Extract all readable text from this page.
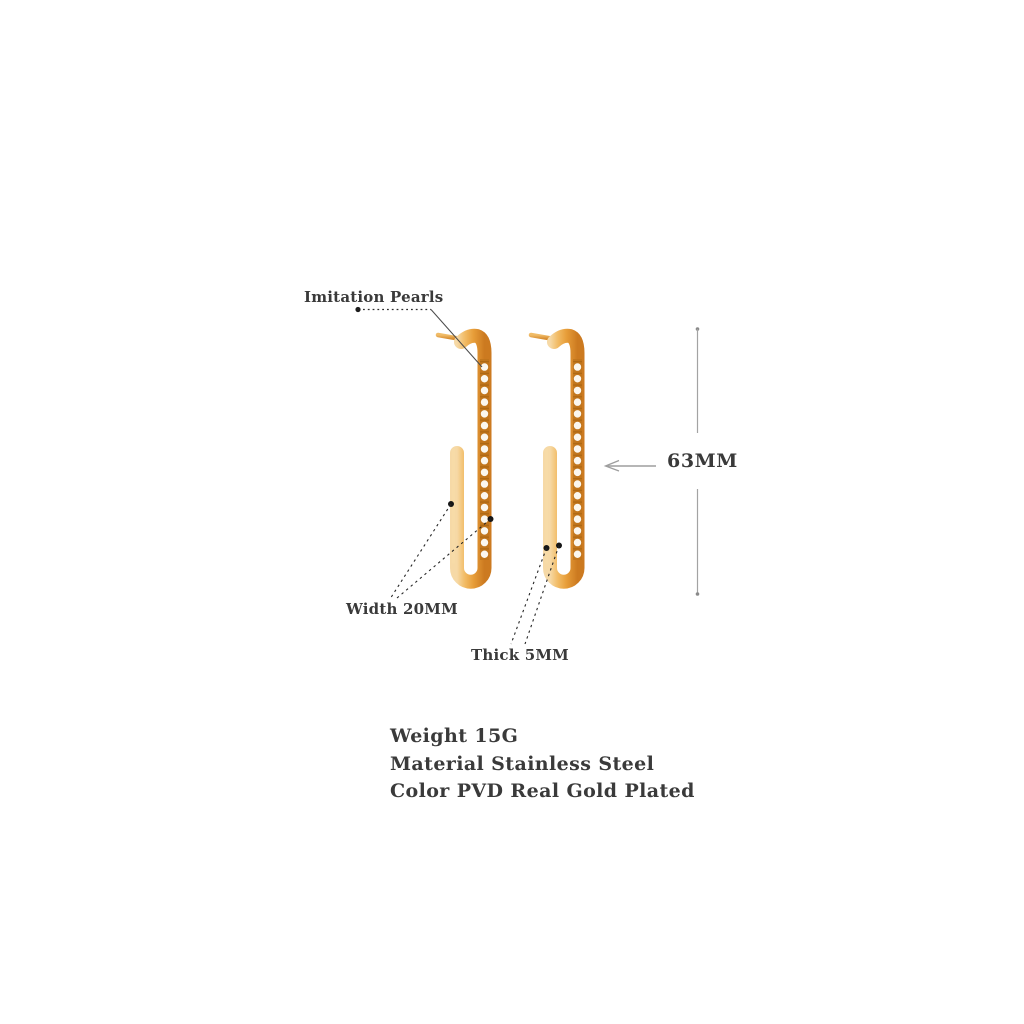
Imitation Pearls
63MM
Width 20MM
Thick 5MM
Weight 15G
Material Stainless Steel
Color PVD Real Gold Plated
